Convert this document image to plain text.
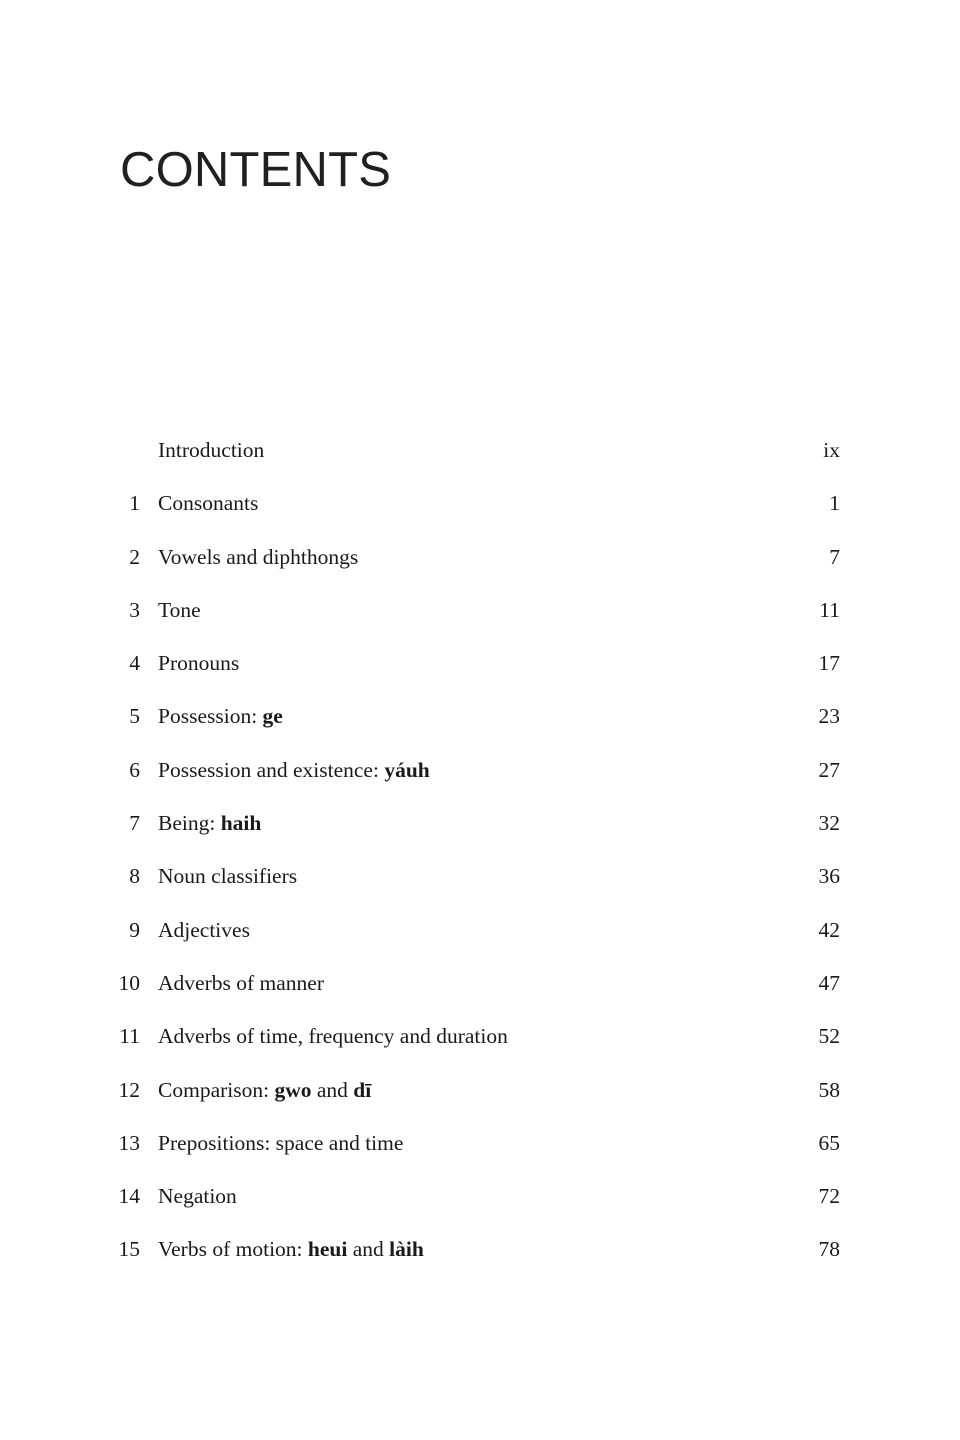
CONTENTS
Introduction	ix
1 Consonants	1
2 Vowels and diphthongs	7
3 Tone	11
4 Pronouns	17
5 Possession: ge	23
6 Possession and existence: yáuh	27
7 Being: haih	32
8 Noun classifiers	36
9 Adjectives	42
10 Adverbs of manner	47
11 Adverbs of time, frequency and duration	52
12 Comparison: gwo and dī	58
13 Prepositions: space and time	65
14 Negation	72
15 Verbs of motion: heui and làih	78
